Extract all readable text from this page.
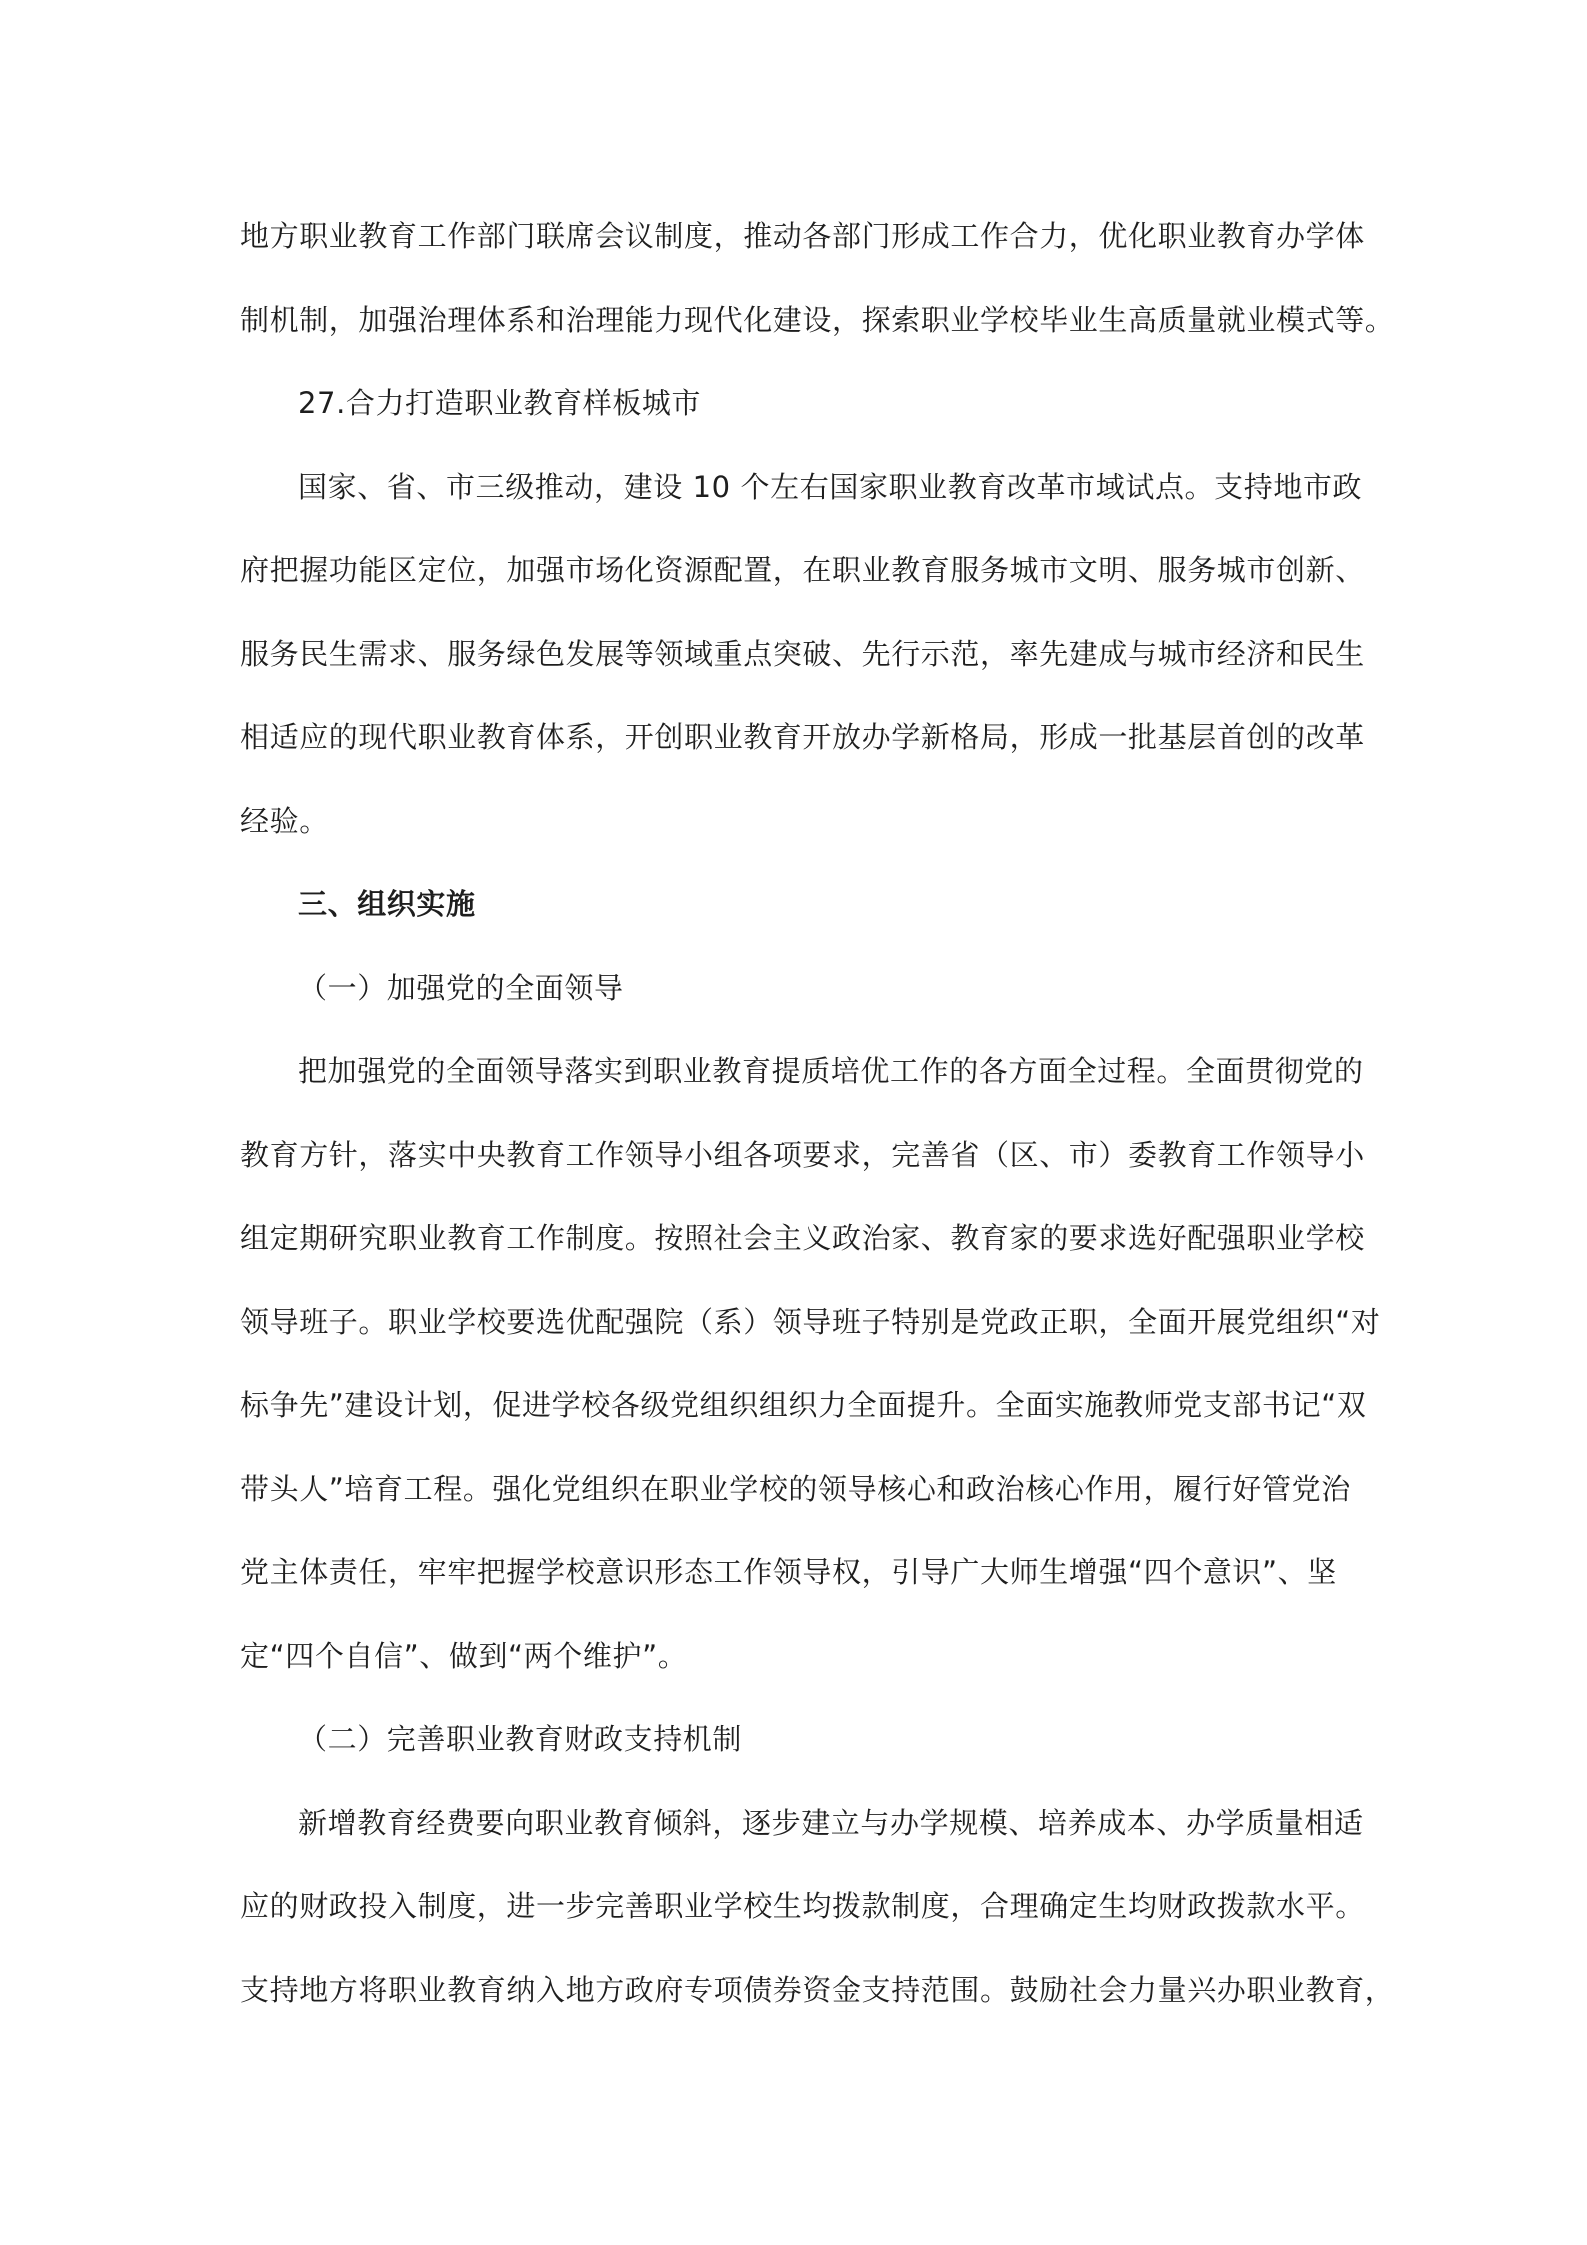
地方职业教育工作部门联席会议制度，推动各部门形成工作合力，优化职业教育办学体
制机制，加强治理体系和治理能力现代化建设，探索职业学校毕业生高质量就业模式等。
27.合力打造职业教育样板城市
国家、省、市三级推动，建设 10 个左右国家职业教育改革市域试点。支持地市政
府把握功能区定位，加强市场化资源配置，在职业教育服务城市文明、服务城市创新、
服务民生需求、服务绿色发展等领域重点突破、先行示范，率先建成与城市经济和民生
相适应的现代职业教育体系，开创职业教育开放办学新格局，形成一批基层首创的改革
经验。
三、组织实施
（一）加强党的全面领导
把加强党的全面领导落实到职业教育提质培优工作的各方面全过程。全面贯彻党的
教育方针，落实中央教育工作领导小组各项要求，完善省（区、市）委教育工作领导小
组定期研究职业教育工作制度。按照社会主义政治家、教育家的要求选好配强职业学校
领导班子。职业学校要选优配强院（系）领导班子特别是党政正职，全面开展党组织“对
标争先”建设计划，促进学校各级党组织组织力全面提升。全面实施教师党支部书记“双
带头人”培育工程。强化党组织在职业学校的领导核心和政治核心作用，履行好管党治
党主体责任，牢牢把握学校意识形态工作领导权，引导广大师生增强“四个意识”、坚
定“四个自信”、做到“两个维护”。
（二）完善职业教育财政支持机制
新增教育经费要向职业教育倾斜，逐步建立与办学规模、培养成本、办学质量相适
应的财政投入制度，进一步完善职业学校生均拨款制度，合理确定生均财政拨款水平。
支持地方将职业教育纳入地方政府专项债券资金支持范围。鼓励社会力量兴办职业教育，
